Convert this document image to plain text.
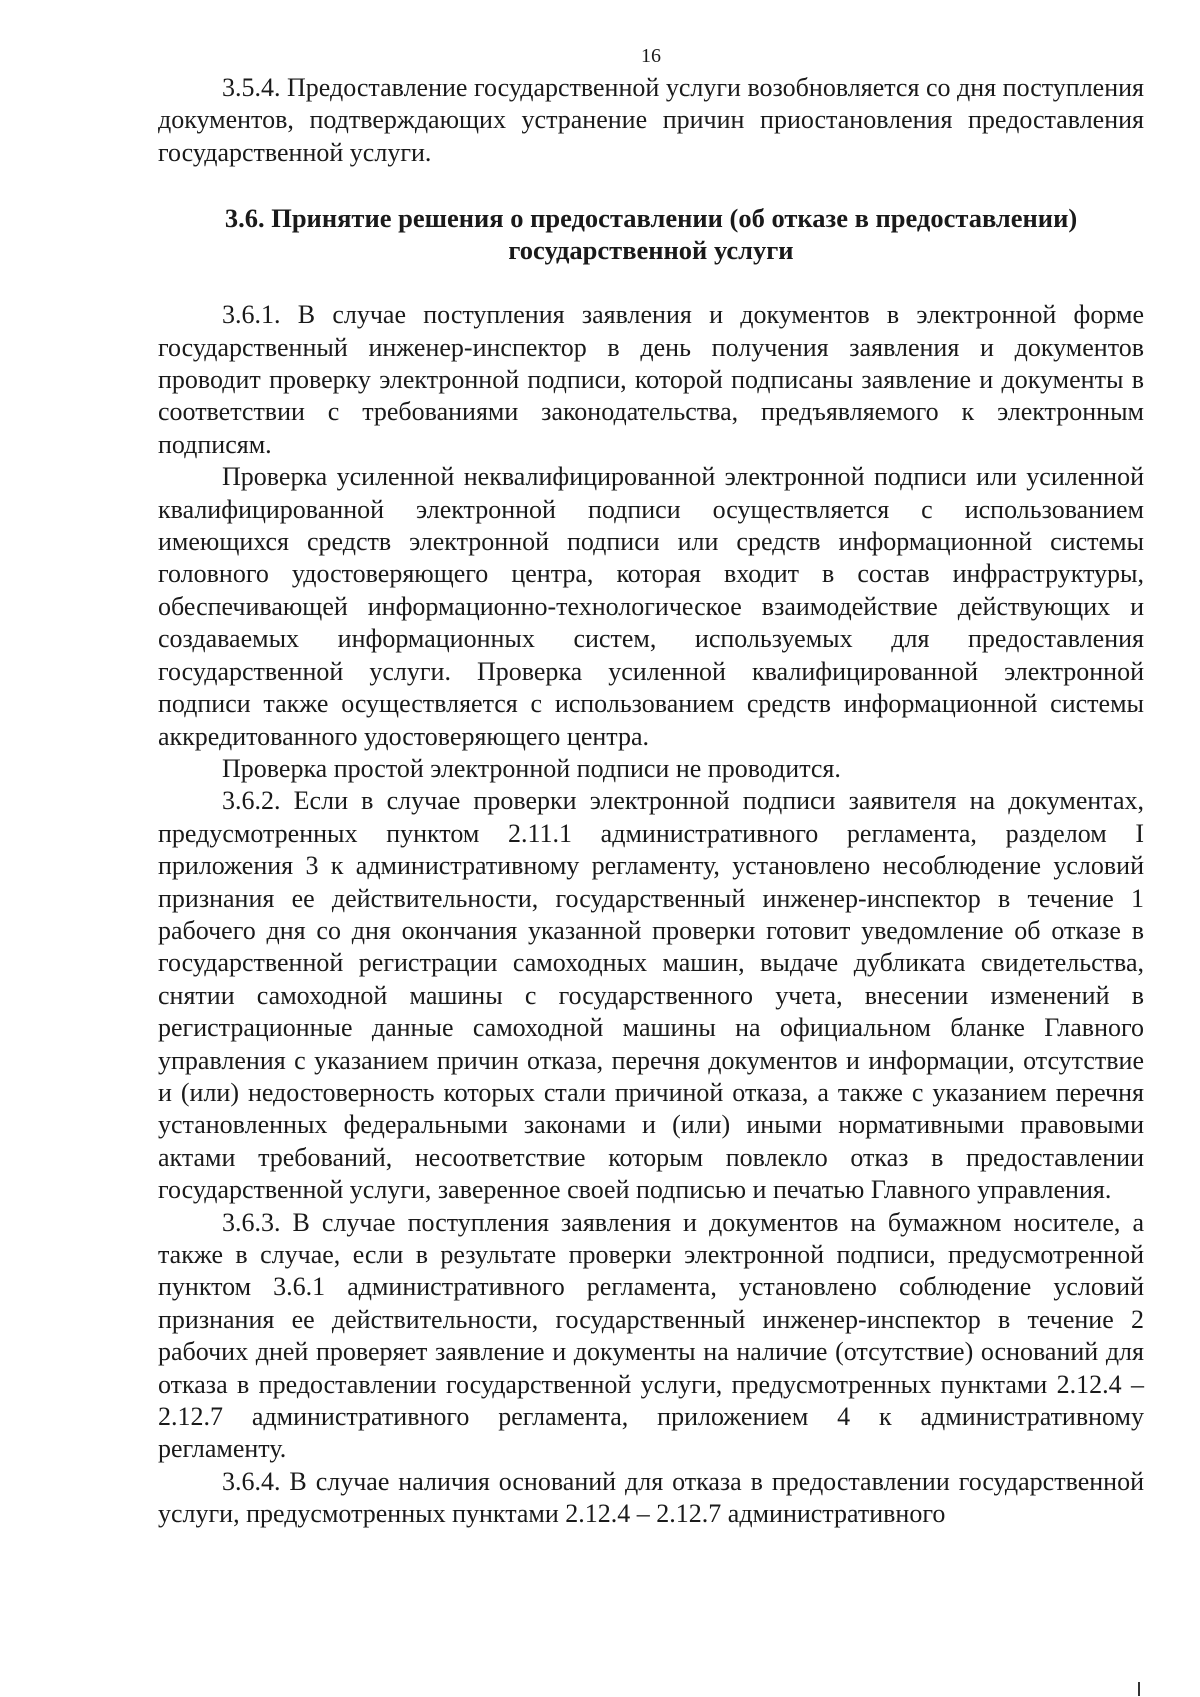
16

3.5.4. Предоставление государственной услуги возобновляется со дня поступления документов, подтверждающих устранение причин приостановления предоставления государственной услуги.

3.6. Принятие решения о предоставлении (об отказе в предоставлении)
государственной услуги

3.6.1. В случае поступления заявления и документов в электронной форме государственный инженер-инспектор в день получения заявления и документов проводит проверку электронной подписи, которой подписаны заявление и документы в соответствии с требованиями законодательства, предъявляемого к электронным подписям.

Проверка усиленной неквалифицированной электронной подписи или усиленной квалифицированной электронной подписи осуществляется с использованием имеющихся средств электронной подписи или средств информационной системы головного удостоверяющего центра, которая входит в состав инфраструктуры, обеспечивающей информационно-технологическое взаимодействие действующих и создаваемых информационных систем, используемых для предоставления государственной услуги. Проверка усиленной квалифицированной электронной подписи также осуществляется с использованием средств информационной системы аккредитованного удостоверяющего центра.

Проверка простой электронной подписи не проводится.

3.6.2. Если в случае проверки электронной подписи заявителя на документах, предусмотренных пунктом 2.11.1 административного регламента, разделом I приложения 3 к административному регламенту, установлено несоблюдение условий признания ее действительности, государственный инженер-инспектор в течение 1 рабочего дня со дня окончания указанной проверки готовит уведомление об отказе в государственной регистрации самоходных машин, выдаче дубликата свидетельства, снятии самоходной машины с государственного учета, внесении изменений в регистрационные данные самоходной машины на официальном бланке Главного управления с указанием причин отказа, перечня документов и информации, отсутствие и (или) недостоверность которых стали причиной отказа, а также с указанием перечня установленных федеральными законами и (или) иными нормативными правовыми актами требований, несоответствие которым повлекло отказ в предоставлении государственной услуги, заверенное своей подписью и печатью Главного управления.

3.6.3. В случае поступления заявления и документов на бумажном носителе, а также в случае, если в результате проверки электронной подписи, предусмотренной пунктом 3.6.1 административного регламента, установлено соблюдение условий признания ее действительности, государственный инженер-инспектор в течение 2 рабочих дней проверяет заявление и документы на наличие (отсутствие) оснований для отказа в предоставлении государственной услуги, предусмотренных пунктами 2.12.4 – 2.12.7 административного регламента, приложением 4 к административному регламенту.

3.6.4. В случае наличия оснований для отказа в предоставлении государственной услуги, предусмотренных пунктами 2.12.4 – 2.12.7 административного
